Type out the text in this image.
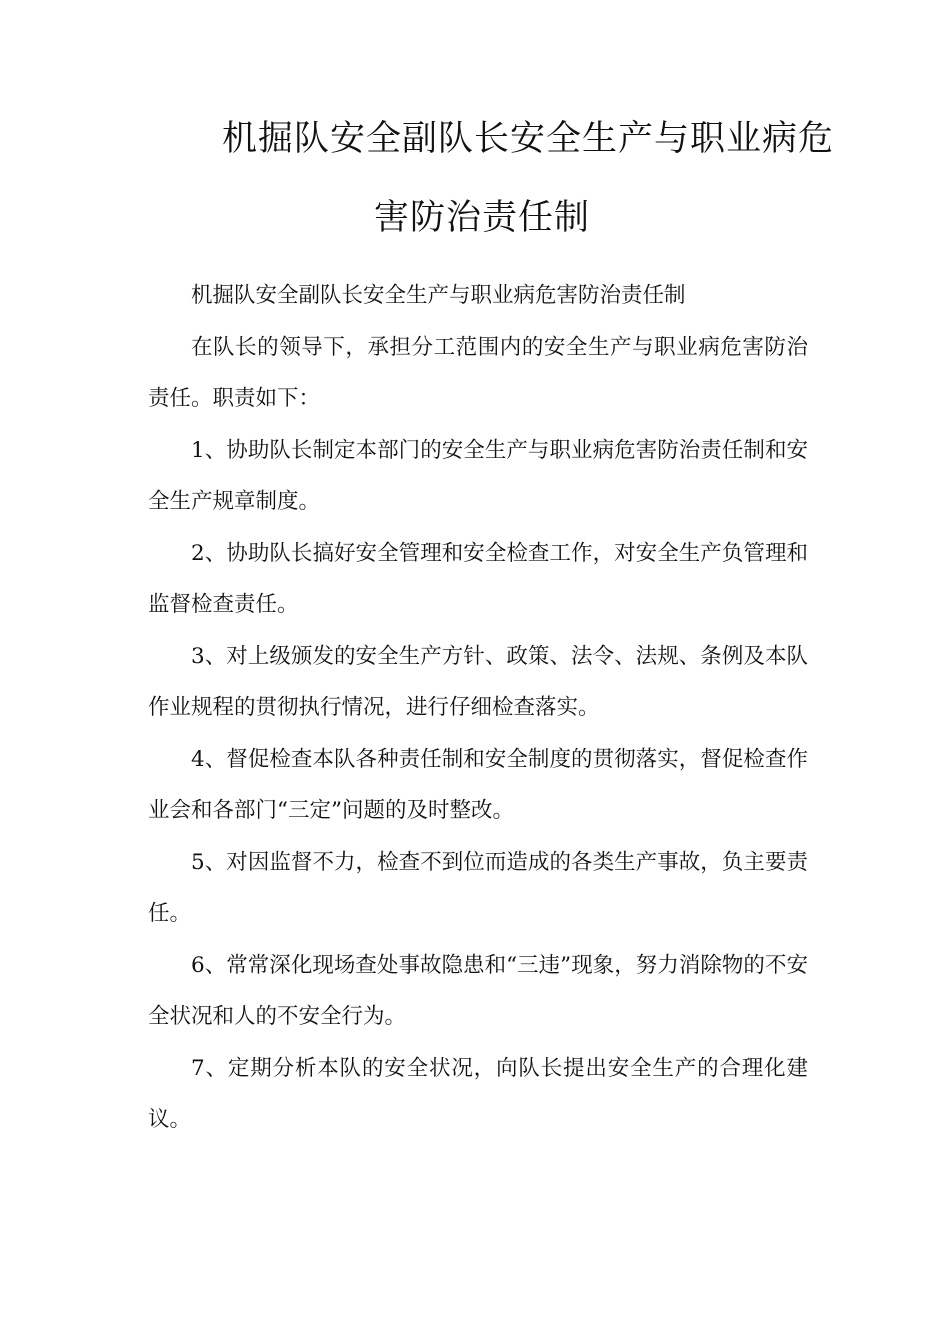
机掘队安全副队长安全生产与职业病危
害防治责任制

机掘队安全副队长安全生产与职业病危害防治责任制

在队长的领导下，承担分工范围内的安全生产与职业病危害防治责任。职责如下：

1、协助队长制定本部门的安全生产与职业病危害防治责任制和安全生产规章制度。

2、协助队长搞好安全管理和安全检查工作，对安全生产负管理和监督检查责任。

3、对上级颁发的安全生产方针、政策、法令、法规、条例及本队作业规程的贯彻执行情况，进行仔细检查落实。

4、督促检查本队各种责任制和安全制度的贯彻落实，督促检查作业会和各部门“三定”问题的及时整改。

5、对因监督不力，检查不到位而造成的各类生产事故，负主要责任。

6、常常深化现场查处事故隐患和“三违”现象，努力消除物的不安全状况和人的不安全行为。

7、定期分析本队的安全状况，向队长提出安全生产的合理化建议。
